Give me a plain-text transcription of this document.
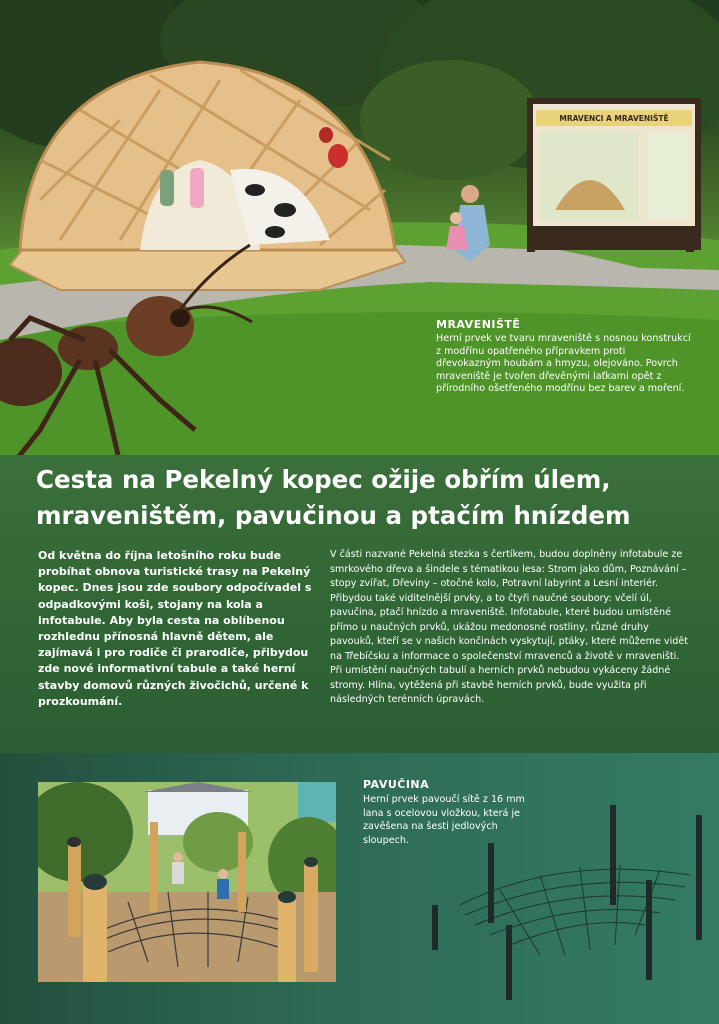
MRAVENCI A MRAVENIŠTĚ

MRAVENIŠTĚ

Herní prvek ve tvaru mraveniště s nosnou konstrukcí z modřínu opatřeného přípravkem proti dřevokazným houbám a hmyzu, olejováno. Povrch mraveniště je tvořen dřevěnými laťkami opět z přírodního ošetřeného modřínu bez barev a moření.

Cesta na Pekelný kopec ožije obřím úlem, mraveništěm, pavučinou a ptačím hnízdem

Od května do října letošního roku bude probíhat obnova turistické trasy na Pekelný kopec. Dnes jsou zde soubory odpočívadel s odpadkovými koši, stojany na kola a infotabule. Aby byla cesta na oblíbenou rozhlednu přínosná hlavně dětem, ale zajímavá i pro rodiče či prarodiče, přibydou zde nové informativní tabule a také herní stavby domovů různých živočichů, určené k prozkoumání.

V části nazvané Pekelná stezka s čertíkem, budou doplněny infotabule ze smrkového dřeva a šindele s tématikou lesa: Strom jako dům, Poznávání – stopy zvířat, Dřeviny – otočné kolo, Potravní labyrint a Lesní interiér. Přibydou také viditelnější prvky, a to čtyři naučné soubory: včelí úl, pavučina, ptačí hnízdo a mraveniště. Infotabule, které budou umístěné přímo u naučných prvků, ukážou medonosné rostliny, různé druhy pavouků, kteří se v našich končinách vyskytují, ptáky, které můžeme vidět na Třebíčsku a informace o společenství mravenců a životě v mraveništi.

Při umístění naučných tabulí a herních prvků nebudou vykáceny žádné stromy. Hlína, vytěžená při stavbě herních prvků, bude využita při následných terénních úpravách.

PAVUČINA

Herní prvek pavoučí sítě z 16 mm lana s ocelovou vložkou, která je zavěšena na šesti jedlových sloupech.
